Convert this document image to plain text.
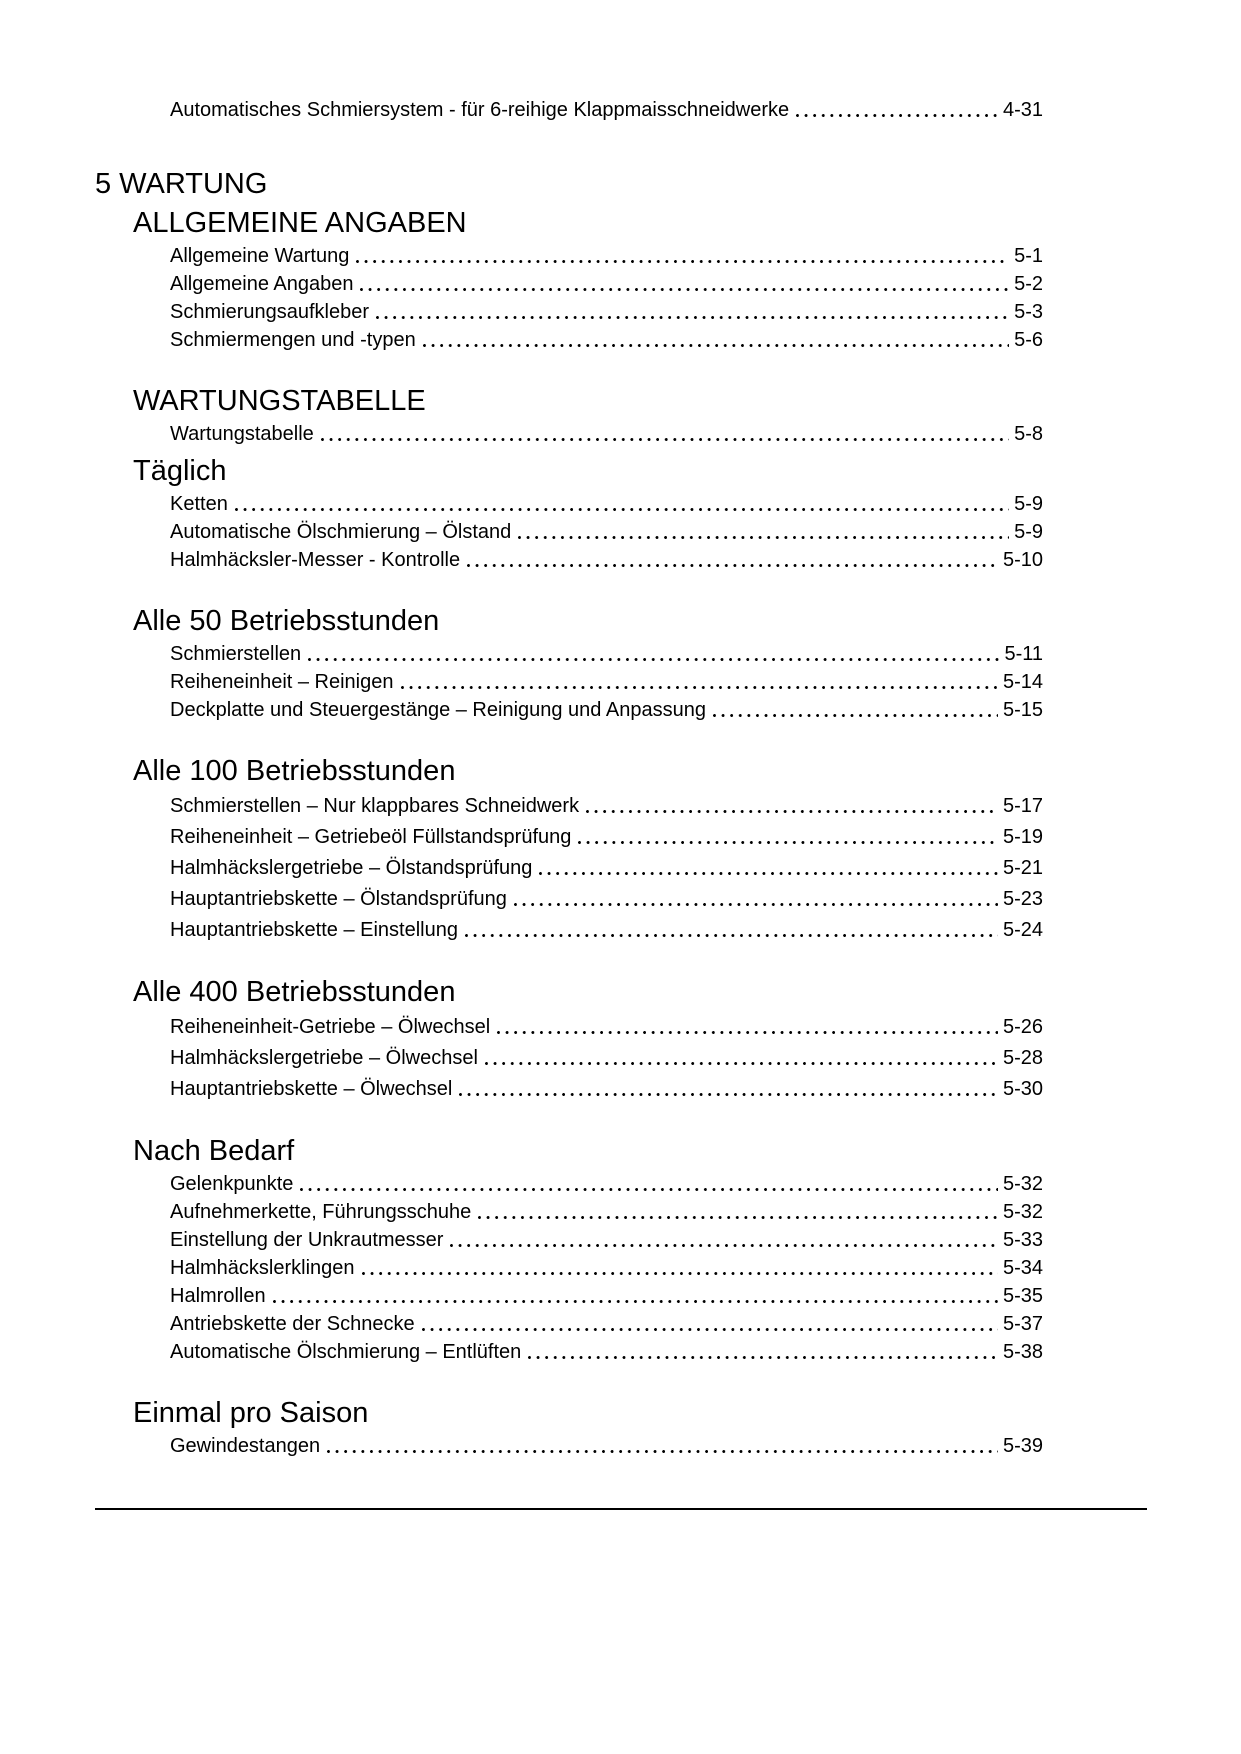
Automatisches Schmiersystem - für 6-reihige Klappmaisschneidwerke	4-31
5 WARTUNG
ALLGEMEINE ANGABEN
Allgemeine Wartung	5-1
Allgemeine Angaben	5-2
Schmierungsaufkleber	5-3
Schmiermengen und -typen	5-6
WARTUNGSTABELLE
Wartungstabelle	5-8
Täglich
Ketten	5-9
Automatische Ölschmierung – Ölstand	5-9
Halmhäcksler-Messer - Kontrolle	5-10
Alle 50 Betriebsstunden
Schmierstellen	5-11
Reiheneinheit – Reinigen	5-14
Deckplatte und Steuergestänge – Reinigung und Anpassung	5-15
Alle 100 Betriebsstunden
Schmierstellen – Nur klappbares Schneidwerk	5-17
Reiheneinheit – Getriebeöl Füllstandsprüfung	5-19
Halmhäckslergetriebe – Ölstandsprüfung	5-21
Hauptantriebskette – Ölstandsprüfung	5-23
Hauptantriebskette – Einstellung	5-24
Alle 400 Betriebsstunden
Reiheneinheit-Getriebe – Ölwechsel	5-26
Halmhäckslergetriebe – Ölwechsel	5-28
Hauptantriebskette – Ölwechsel	5-30
Nach Bedarf
Gelenkpunkte	5-32
Aufnehmerkette, Führungsschuhe	5-32
Einstellung der Unkrautmesser	5-33
Halmhäckslerklingen	5-34
Halmrollen	5-35
Antriebskette der Schnecke	5-37
Automatische Ölschmierung – Entlüften	5-38
Einmal pro Saison
Gewindestangen	5-39
